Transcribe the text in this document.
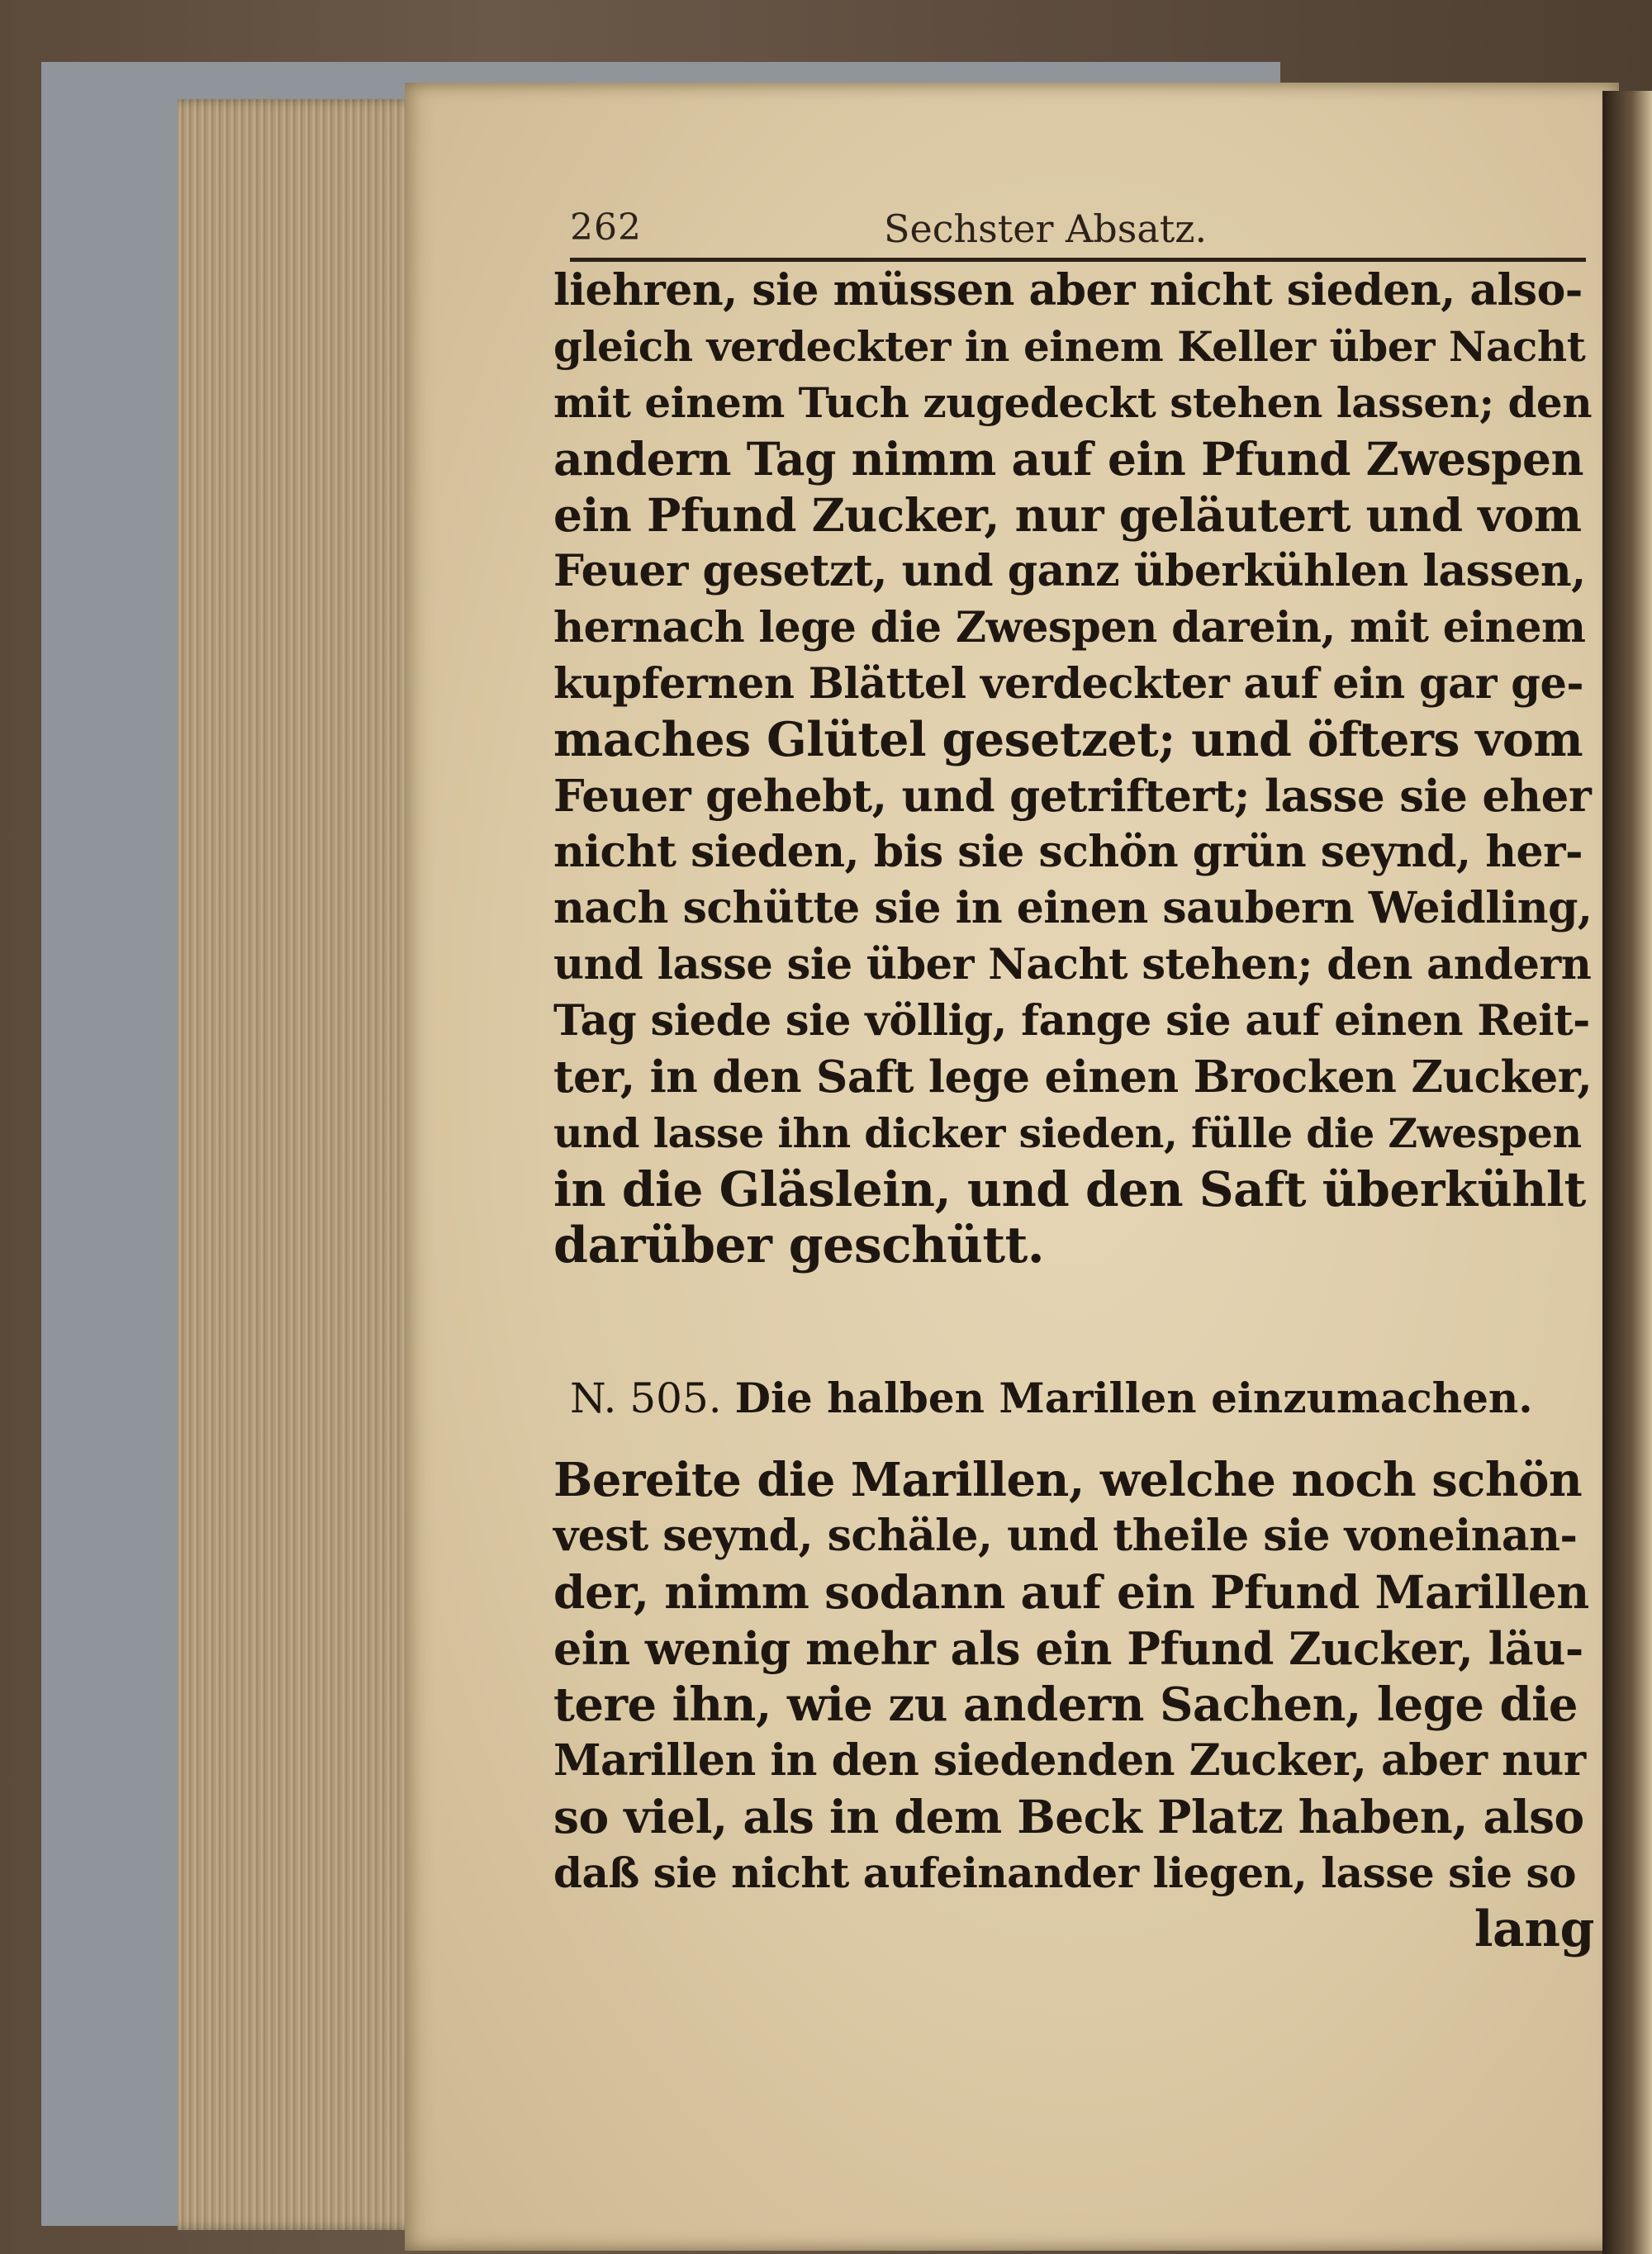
262	Sechster Absatz.
liehren, sie müssen aber nicht sieden, also-
gleich verdeckter in einem Keller über Nacht
mit einem Tuch zugedeckt stehen lassen; den
andern Tag nimm auf ein Pfund Zwespen
ein Pfund Zucker, nur geläutert und vom
Feuer gesetzt, und ganz überkühlen lassen,
hernach lege die Zwespen darein, mit einem
kupfernen Blättel verdeckter auf ein gar ge-
maches Glütel gesetzet; und öfters vom
Feuer gehebt, und getriftert; lasse sie eher
nicht sieden, bis sie schön grün seynd, her-
nach schütte sie in einen saubern Weidling,
und lasse sie über Nacht stehen; den andern
Tag siede sie völlig, fange sie auf einen Reit-
ter, in den Saft lege einen Brocken Zucker,
und lasse ihn dicker sieden, fülle die Zwespen
in die Gläslein, und den Saft überkühlt
darüber geschütt.
N. 505. Die halben Marillen einzumachen.
Bereite die Marillen, welche noch schön
vest seynd, schäle, und theile sie voneinan-
der, nimm sodann auf ein Pfund Marillen
ein wenig mehr als ein Pfund Zucker, läu-
tere ihn, wie zu andern Sachen, lege die
Marillen in den siedenden Zucker, aber nur
so viel, als in dem Beck Platz haben, also
daß sie nicht aufeinander liegen, lasse sie so
lang
